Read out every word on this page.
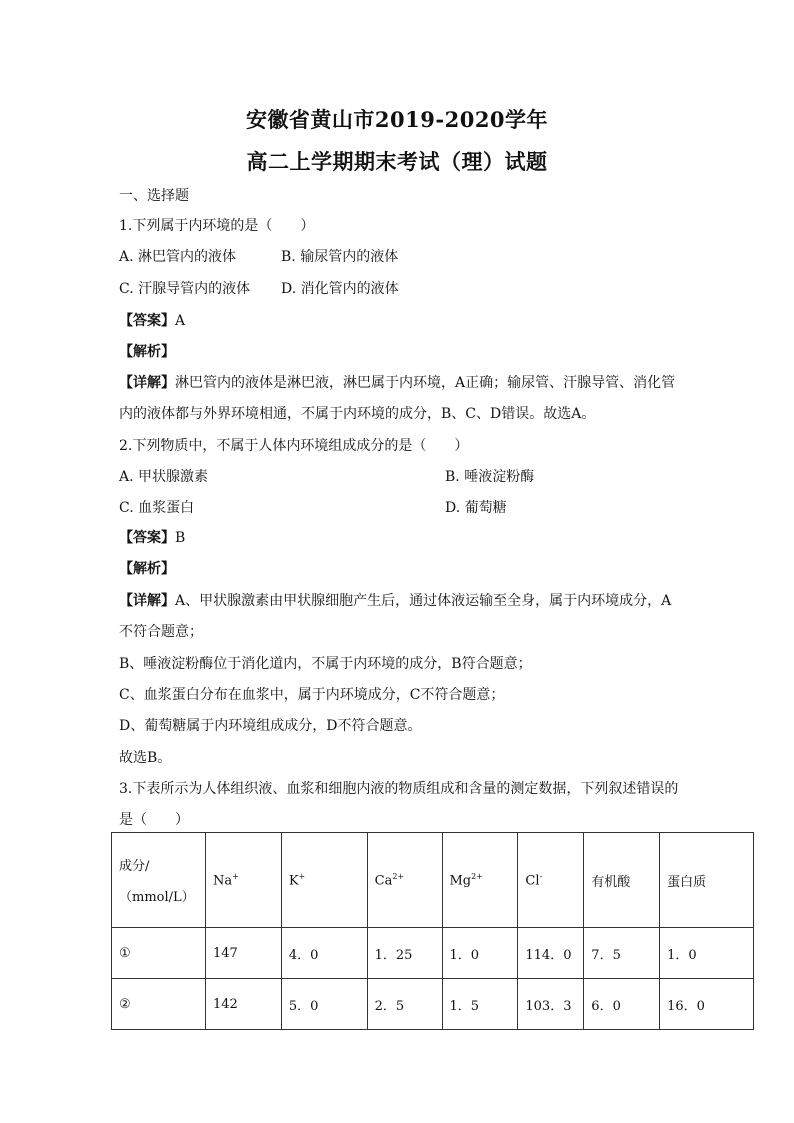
安徽省黄山市2019-2020学年
高二上学期期末考试（理）试题
一、选择题
1.下列属于内环境的是（　　）
A. 淋巴管内的液体	B. 输尿管内的液体
C. 汗腺导管内的液体 D. 消化管内的液体
【答案】A
【解析】
【详解】淋巴管内的液体是淋巴液，淋巴属于内环境，A正确；输尿管、汗腺导管、消化管
内的液体都与外界环境相通，不属于内环境的成分，B、C、D错误。故选A。
2.下列物质中，不属于人体内环境组成成分的是（　　）
A. 甲状腺激素	B. 唾液淀粉酶
C. 血浆蛋白	D. 葡萄糖
【答案】B
【解析】
【详解】A、甲状腺激素由甲状腺细胞产生后，通过体液运输至全身，属于内环境成分，A
不符合题意；
B、唾液淀粉酶位于消化道内，不属于内环境的成分，B符合题意；
C、血浆蛋白分布在血浆中，属于内环境成分，C不符合题意；
D、葡萄糖属于内环境组成成分，D不符合题意。
故选B。
3.下表所示为人体组织液、血浆和细胞内液的物质组成和含量的测定数据，下列叙述错误的
是（　　）
成分/
（mmol/L）	Na+	K+	$Ca^{2+}$	$Mg^{2+}$	Cl-	有机酸	蛋白质
①	147	4．0	1．25	1．0	114．0	7．5	1．0
②	142	5．0	2．5	1．5	103．3	6．0	16．0
